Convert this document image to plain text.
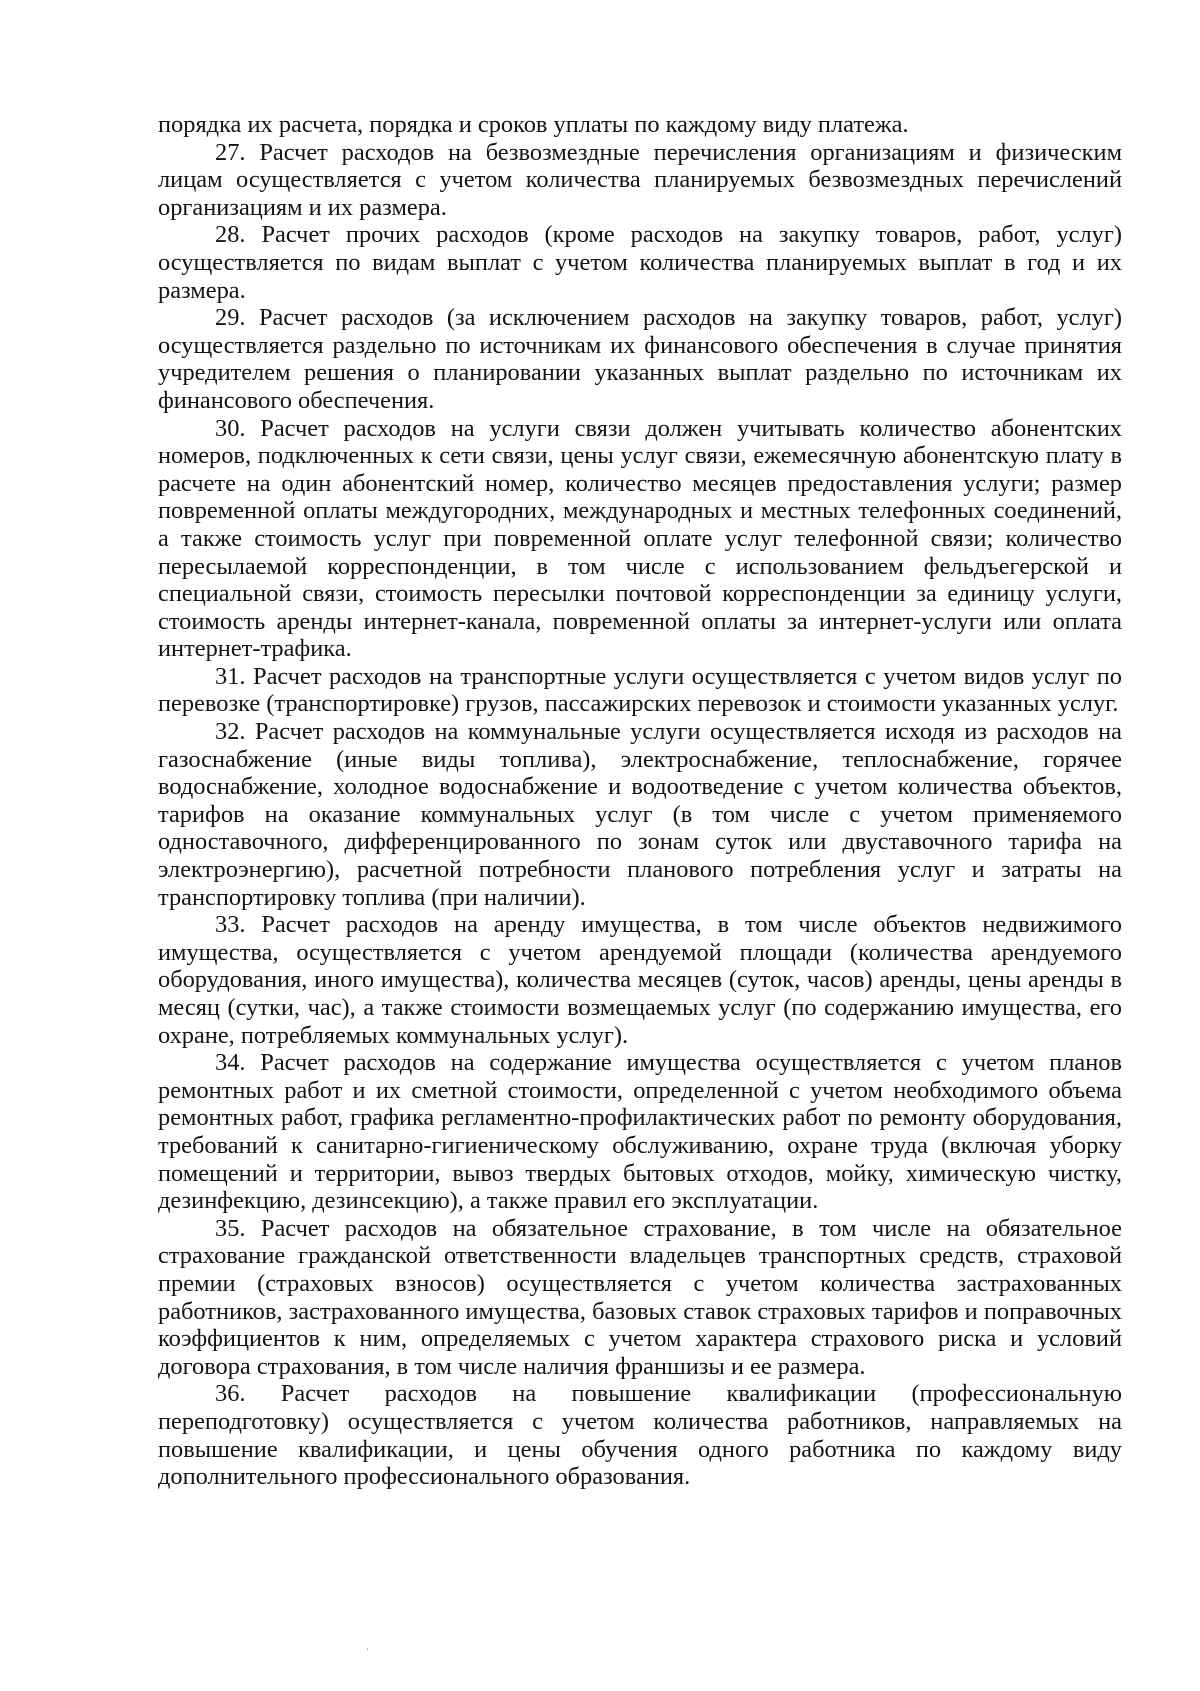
порядка их расчета, порядка и сроков уплаты по каждому виду платежа.

27. Расчет расходов на безвозмездные перечисления организациям и физическим лицам осуществляется с учетом количества планируемых безвозмездных перечислений организациям и их размера.

28. Расчет прочих расходов (кроме расходов на закупку товаров, работ, услуг) осуществляется по видам выплат с учетом количества планируемых выплат в год и их размера.

29. Расчет расходов (за исключением расходов на закупку товаров, работ, услуг) осуществляется раздельно по источникам их финансового обеспечения в случае принятия учредителем решения о планировании указанных выплат раздельно по источникам их финансового обеспечения.

30. Расчет расходов на услуги связи должен учитывать количество абонентских номеров, подключенных к сети связи, цены услуг связи, ежемесячную абонентскую плату в расчете на один абонентский номер, количество месяцев предоставления услуги; размер повременной оплаты междугородних, международных и местных телефонных соединений, а также стоимость услуг при повременной оплате услуг телефонной связи; количество пересылаемой корреспонденции, в том числе с использованием фельдъегерской и специальной связи, стоимость пересылки почтовой корреспонденции за единицу услуги, стоимость аренды интернет-канала, повременной оплаты за интернет-услуги или оплата интернет-трафика.

31. Расчет расходов на транспортные услуги осуществляется с учетом видов услуг по перевозке (транспортировке) грузов, пассажирских перевозок и стоимости указанных услуг.

32. Расчет расходов на коммунальные услуги осуществляется исходя из расходов на газоснабжение (иные виды топлива), электроснабжение, теплоснабжение, горячее водоснабжение, холодное водоснабжение и водоотведение с учетом количества объектов, тарифов на оказание коммунальных услуг (в том числе с учетом применяемого одноставочного, дифференцированного по зонам суток или двуставочного тарифа на электроэнергию), расчетной потребности планового потребления услуг и затраты на транспортировку топлива (при наличии).

33. Расчет расходов на аренду имущества, в том числе объектов недвижимого имущества, осуществляется с учетом арендуемой площади (количества арендуемого оборудования, иного имущества), количества месяцев (суток, часов) аренды, цены аренды в месяц (сутки, час), а также стоимости возмещаемых услуг (по содержанию имущества, его охране, потребляемых коммунальных услуг).

34. Расчет расходов на содержание имущества осуществляется с учетом планов ремонтных работ и их сметной стоимости, определенной с учетом необходимого объема ремонтных работ, графика регламентно-профилактических работ по ремонту оборудования, требований к санитарно-гигиеническому обслуживанию, охране труда (включая уборку помещений и территории, вывоз твердых бытовых отходов, мойку, химическую чистку, дезинфекцию, дезинсекцию), а также правил его эксплуатации.

35. Расчет расходов на обязательное страхование, в том числе на обязательное страхование гражданской ответственности владельцев транспортных средств, страховой премии (страховых взносов) осуществляется с учетом количества застрахованных работников, застрахованного имущества, базовых ставок страховых тарифов и поправочных коэффициентов к ним, определяемых с учетом характера страхового риска и условий договора страхования, в том числе наличия франшизы и ее размера.

36. Расчет расходов на повышение квалификации (профессиональную переподготовку) осуществляется с учетом количества работников, направляемых на повышение квалификации, и цены обучения одного работника по каждому виду дополнительного профессионального образования.
